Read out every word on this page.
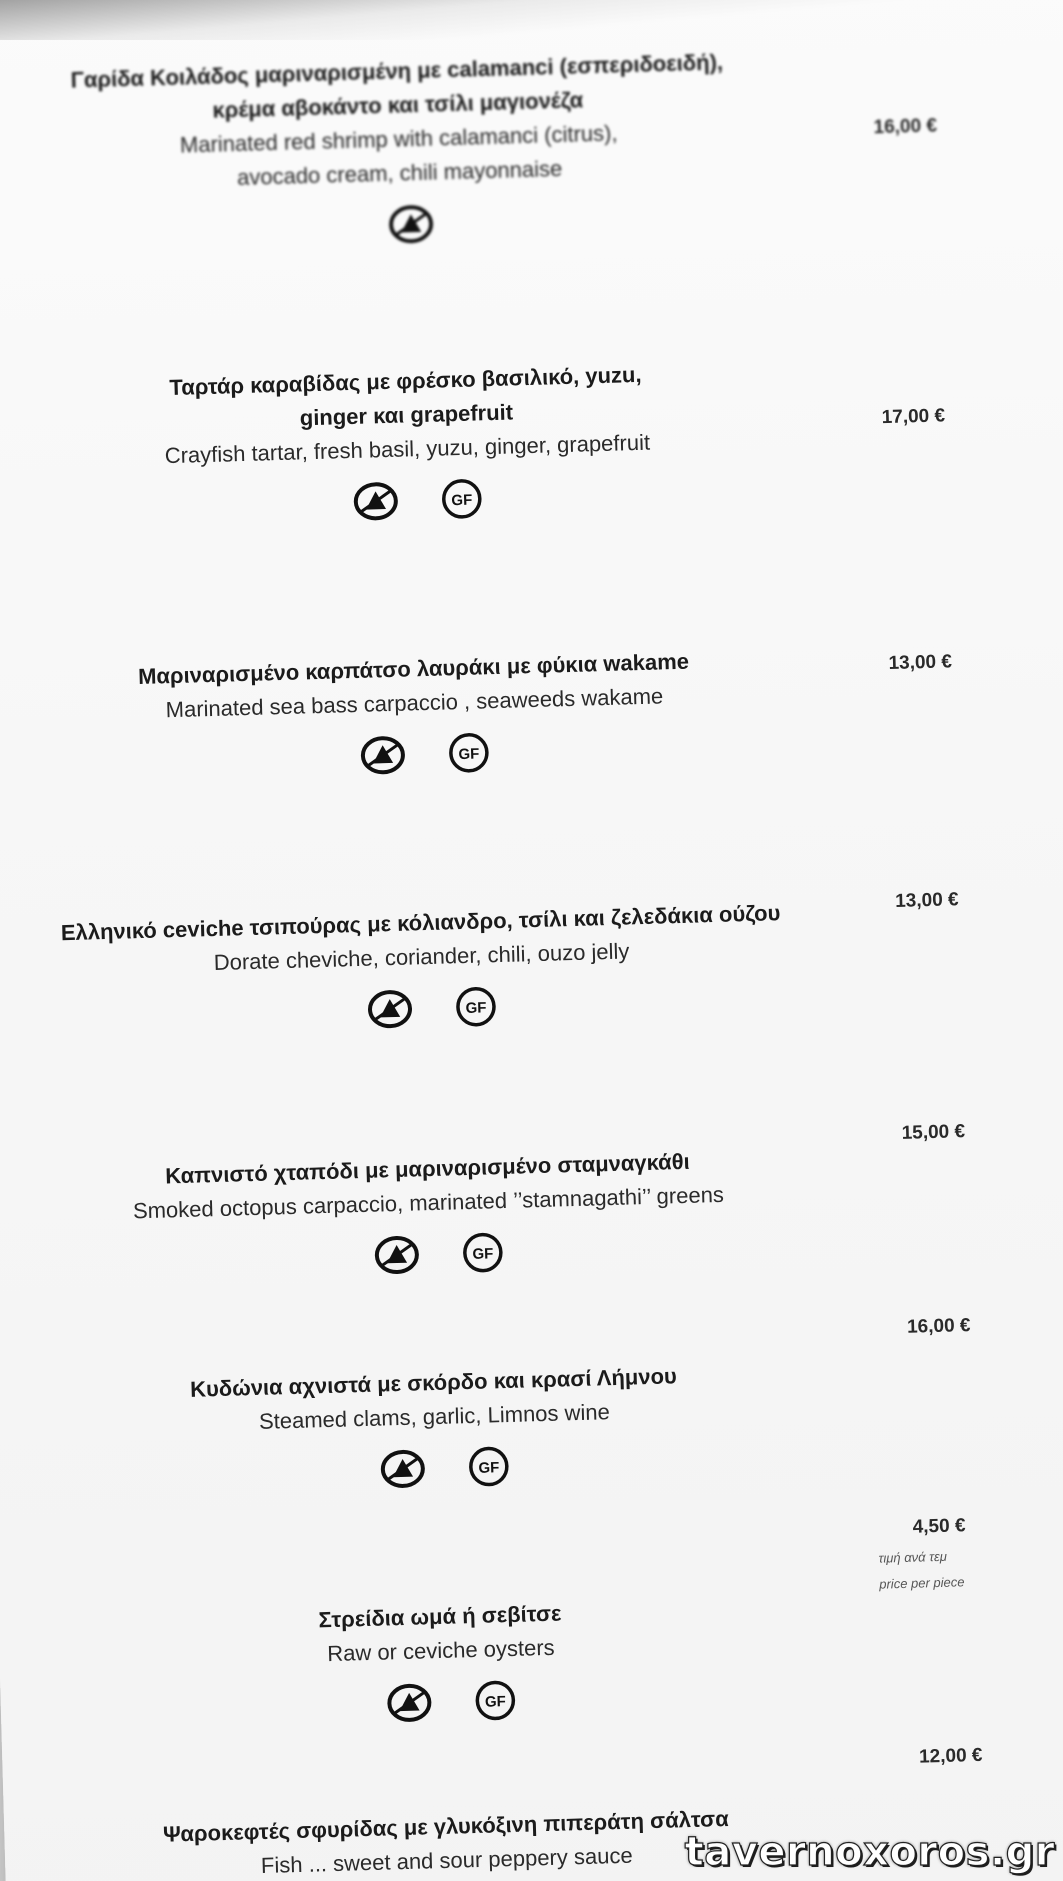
Γαρίδα Κοιλάδος μαριναρισμένη με calamanci (εσπεριδοειδή),
κρέμα αβοκάντο και τσίλι μαγιονέζα
Marinated red shrimp with calamanci (citrus),
avocado cream, chili mayonnaise
16,00 €
Ταρτάρ καραβίδας με φρέσκο βασιλικό, yuzu,
ginger και grapefruit
Crayfish tartar, fresh basil, yuzu, ginger, grapefruit
GF
17,00 €
Μαριναρισμένο καρπάτσο λαυράκι με φύκια wakame
Marinated sea bass carpaccio , seaweeds wakame
GF
13,00 €
Ελληνικό ceviche τσιπούρας με κόλιανδρο, τσίλι και ζελεδάκια ούζου
Dorate cheviche, coriander, chili, ouzo jelly
GF
13,00 €
Καπνιστό χταπόδι με μαριναρισμένο σταμναγκάθι
Smoked octopus carpaccio, marinated ’’stamnagathi’’ greens
GF
15,00 €
Κυδώνια αχνιστά με σκόρδο και κρασί Λήμνου
Steamed clams, garlic, Limnos wine
GF
16,00 €
Στρείδια ωμά ή σεβίτσε
Raw or ceviche oysters
GF
4,50 €
τιμή ανά τεμ
price per piece
Ψαροκεφτές σφυρίδας με γλυκόξινη πιπεράτη σάλτσα
Fish ... sweet and sour peppery sauce
12,00 €
tavernoxoros.gr
